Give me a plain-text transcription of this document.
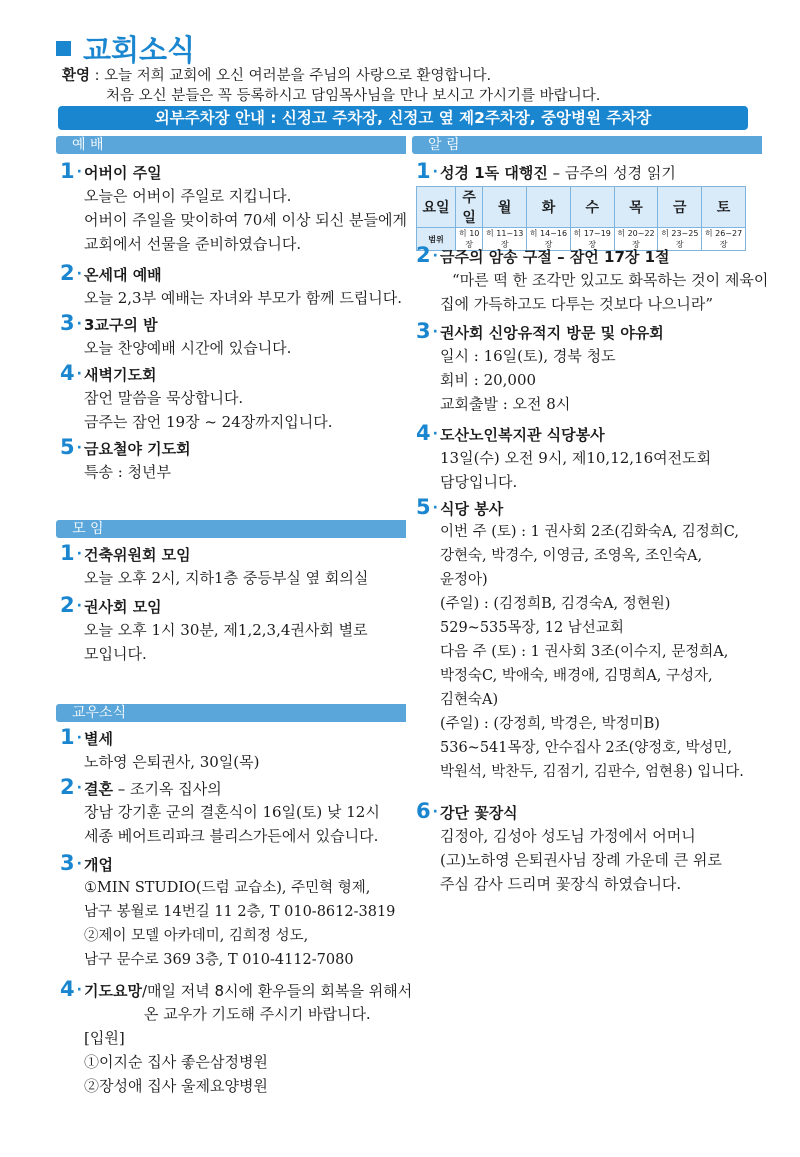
교회소식
환영 : 오늘 저희 교회에 오신 여러분을 주님의 사랑으로 환영합니다.
처음 오신 분들은 꼭 등록하시고 담임목사님을 만나 보시고 가시기를 바랍니다.
외부주차장 안내 : 신정고 주차장, 신정고 옆 제2주차장, 중앙병원 주차장
예 배
1 · 어버이 주일
오늘은 어버이 주일로 지킵니다.
어버이 주일을 맞이하여 70세 이상 되신 분들에게
교회에서 선물을 준비하였습니다.
2 · 온세대 예배
오늘 2,3부 예배는 자녀와 부모가 함께 드립니다.
3 · 3교구의 밤
오늘 찬양예배 시간에 있습니다.
4 · 새벽기도회
잠언 말씀을 묵상합니다.
금주는 잠언 19장 ~ 24장까지입니다.
5 · 금요철야 기도회
특송 : 청년부
모 임
1 · 건축위원회 모임
오늘 오후 2시, 지하1층 중등부실 옆 회의실
2 · 권사회 모임
오늘 오후 1시 30분, 제1,2,3,4권사회 별로
모입니다.
교우소식
1 · 별세
노하영 은퇴권사, 30일(목)
2 · 결혼 – 조기옥 집사의
장남 강기훈 군의 결혼식이 16일(토) 낮 12시
세종 베어트리파크 블리스가든에서 있습니다.
3 · 개업
①MIN STUDIO(드럼 교습소), 주민혁 형제,
남구 봉월로 14번길 11 2층, T 010-8612-3819
②제이 모델 아카데미, 김희정 성도,
남구 문수로 369 3층, T 010-4112-7080
4 · 기도요망/매일 저녁 8시에 환우들의 회복을 위해서
온 교우가 기도해 주시기 바랍니다.
[입원]
①이지순 집사 좋은삼정병원
②장성애 집사 울제요양병원
알 림
1 · 성경 1독 대행진 – 금주의 성경 읽기
요일	주일	월	화	수	목	금	토
범위	히 10장	히 11~13장	히 14~16장	히 17~19장	히 20~22장	히 23~25장	히 26~27장
2 · 금주의 암송 구절 – 잠언 17장 1절
“마른 떡 한 조각만 있고도 화목하는 것이 제육이
집에 가득하고도 다투는 것보다 나으니라”
3 · 권사회 신앙유적지 방문 및 야유회
일시 : 16일(토), 경북 청도
회비 : 20,000
교회출발 : 오전 8시
4 · 도산노인복지관 식당봉사
13일(수) 오전 9시, 제10,12,16여전도회
담당입니다.
5 · 식당 봉사
이번 주 (토) : 1 권사회 2조(김화숙A, 김정희C,
강현숙, 박경수, 이영금, 조영옥, 조인숙A,
윤정아)
(주일) : (김정희B, 김경숙A, 정현원)
529~535목장, 12 남선교회
다음 주 (토) : 1 권사회 3조(이수지, 문정희A,
박정숙C, 박애숙, 배경애, 김명희A, 구성자,
김현숙A)
(주일) : (강정희, 박경은, 박정미B)
536~541목장, 안수집사 2조(양정호, 박성민,
박원석, 박찬두, 김점기, 김판수, 엄현용) 입니다.
6 · 강단 꽃장식
김정아, 김성아 성도님 가정에서 어머니
(고)노하영 은퇴권사님 장례 가운데 큰 위로
주심 감사 드리며 꽃장식 하였습니다.
